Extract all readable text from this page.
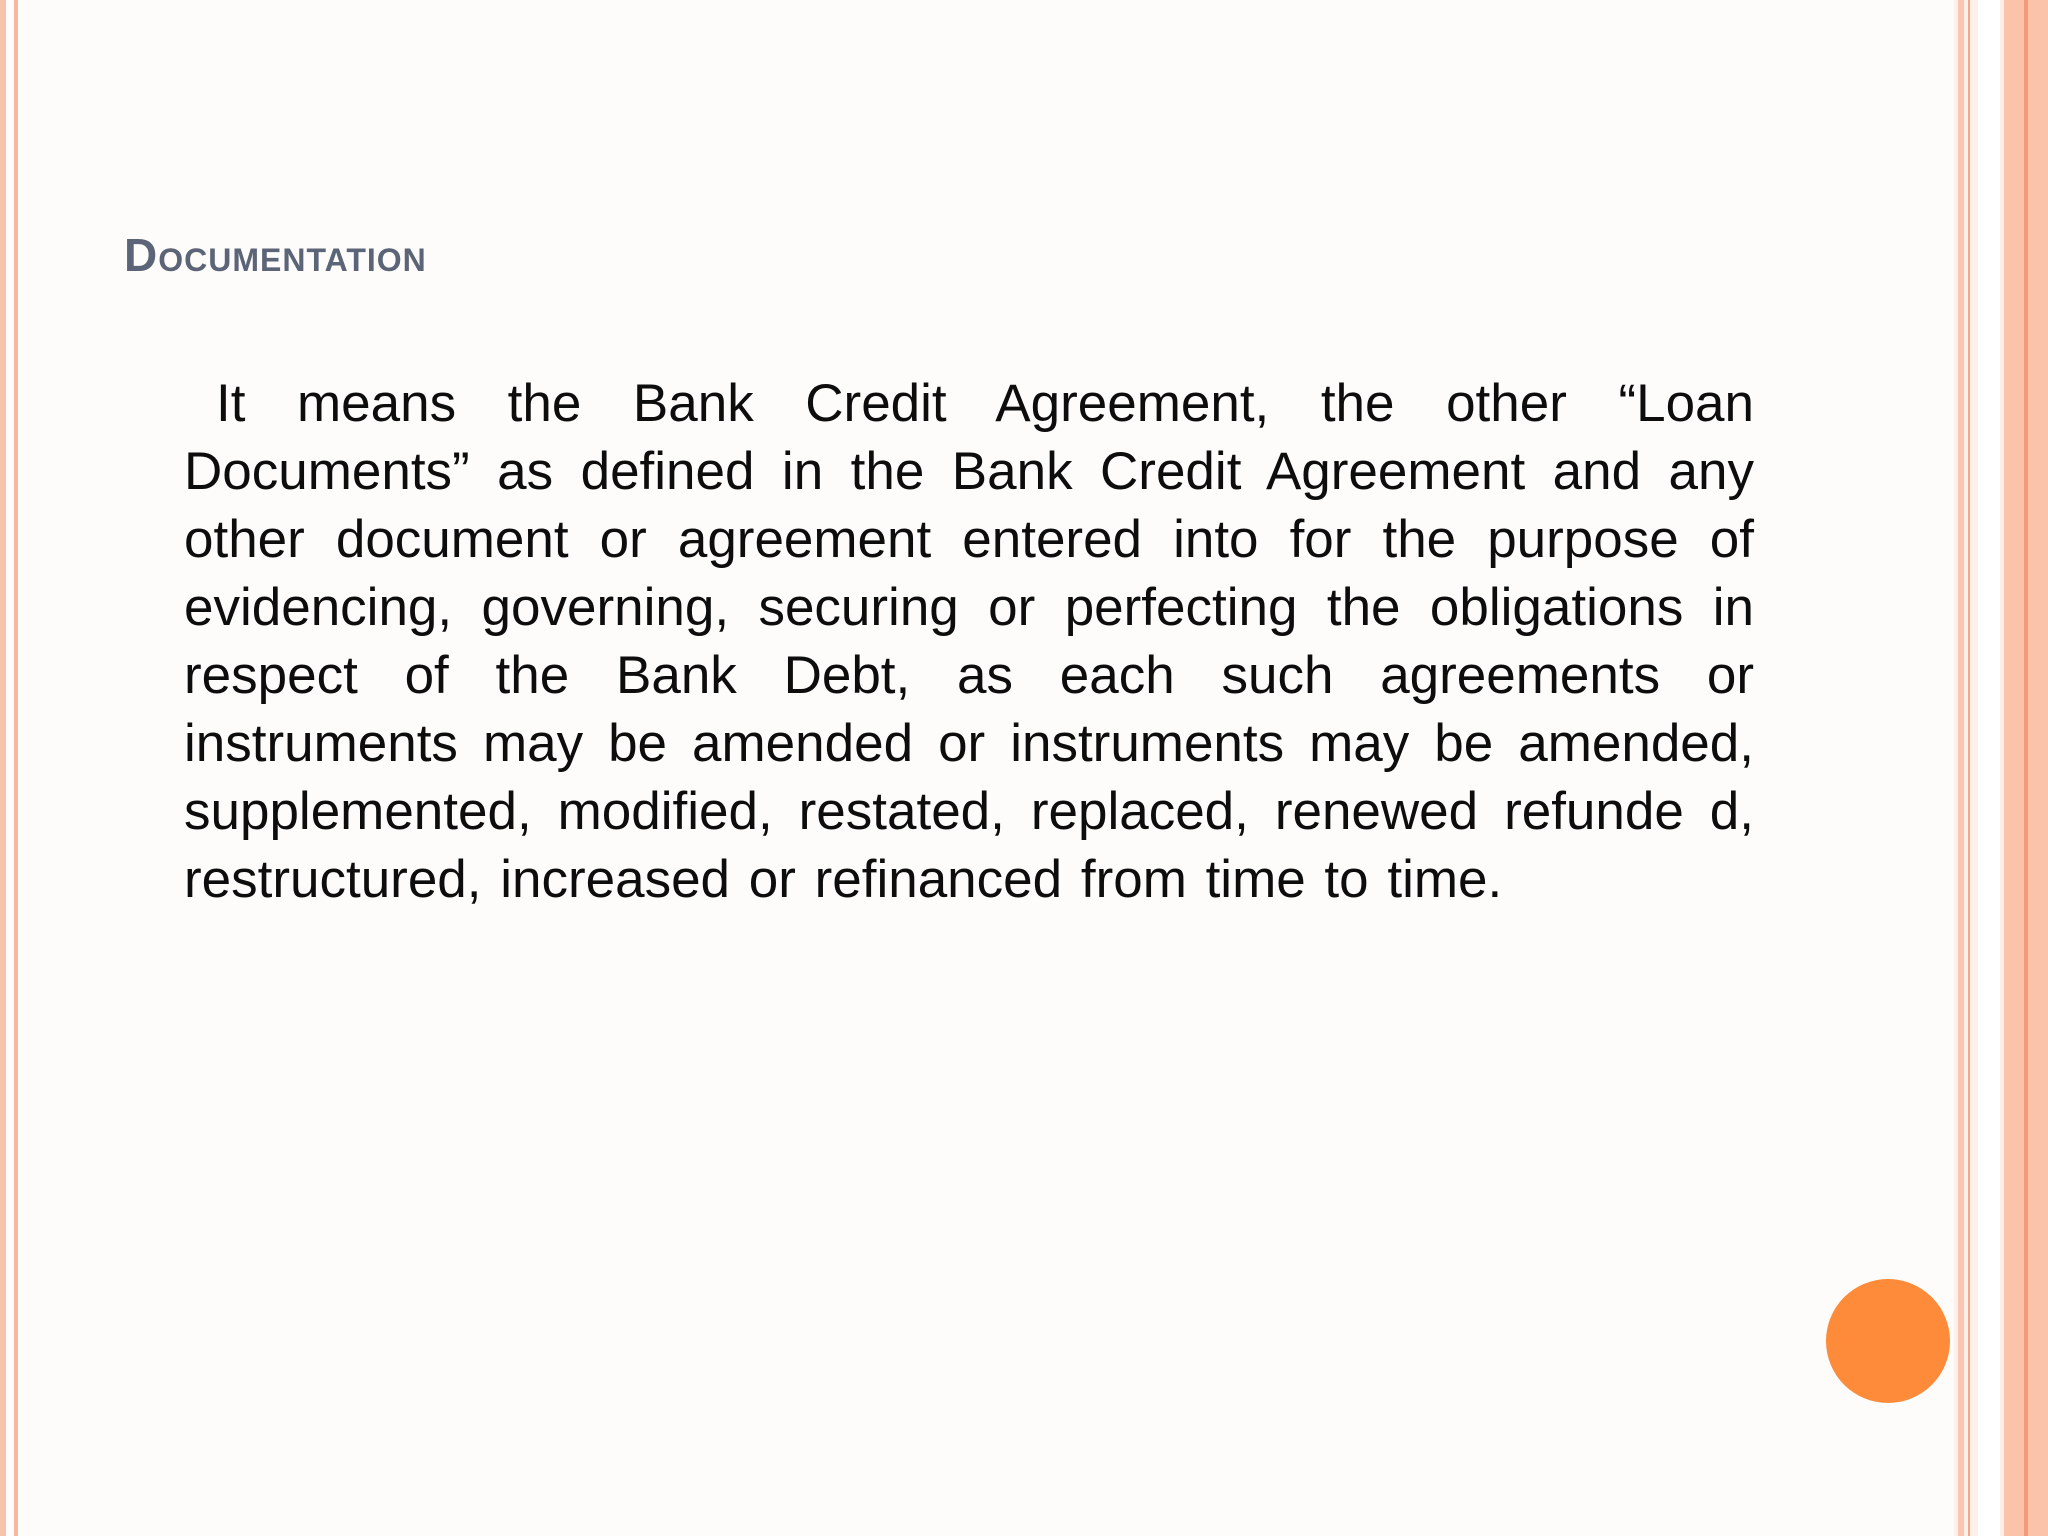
Documentation

It means the Bank Credit Agreement, the other “Loan Documents” as defined in the Bank Credit Agreement and any other document or agreement entered into for the purpose of evidencing, governing, securing or perfecting the obligations in respect of the Bank Debt, as each such agreements or instruments may be amended or instruments may be amended, supplemented, modified, restated, replaced, renewed refunde d, restructured, increased or refinanced from time to time.
